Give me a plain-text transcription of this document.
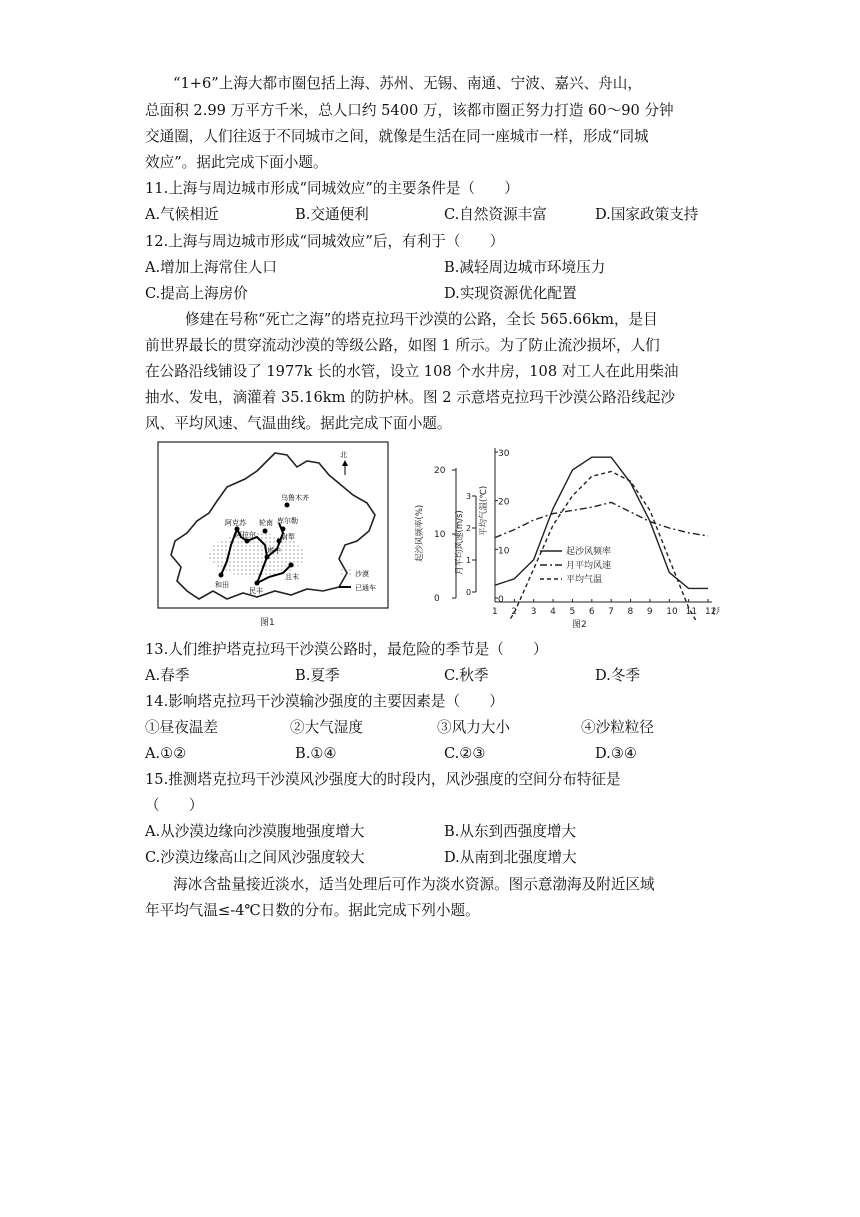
“1+6”上海大都市圈包括上海、苏州、无锡、南通、宁波、嘉兴、舟山，
总面积 2.99 万平方千米，总人口约 5400 万，该都市圈正努力打造 60～90 分钟
交通圈，人们往返于不同城市之间，就像是生活在同一座城市一样，形成“同城
效应”。据此完成下面小题。
11.上海与周边城市形成“同城效应”的主要条件是（　　）
A.气候相近	B.交通便利	C.自然资源丰富	D.国家政策支持
12.上海与周边城市形成“同城效应”后，有利于（　　）
A.增加上海常住人口	B.减轻周边城市环境压力
C.提高上海房价	D.实现资源优化配置
修建在号称“死亡之海”的塔克拉玛干沙漠的公路，全长 565.66km，是目
前世界最长的贯穿流动沙漠的等级公路，如图 1 所示。为了防止流沙损坏，人们
在公路沿线铺设了 1977k 长的水管，设立 108 个水井房，108 对工人在此用柴油
抽水、发电，滴灌着 35.16km 的防护林。图 2 示意塔克拉玛干沙漠公路沿线起沙
风、平均风速、气温曲线。据此完成下面小题。
乌鲁木齐
阿克苏
阿拉尔
轮南 库尔勒
尉犁
塔中
和田
民丰
且末
北
沙漠
已通车
图1
1 2 3 4 5 6 7 8 9 10 11 12
(
0
10
20
起沙风频率(%)
0
1
2
3
月平均风速(m/s)
0
10
20
30
平均气温(℃)
起沙风频率
月平均风速
平均气温
图2
13.人们维护塔克拉玛干沙漠公路时，最危险的季节是（　　）
A.春季	B.夏季	C.秋季	D.冬季
14.影响塔克拉玛干沙漠输沙强度的主要因素是（　　）
①昼夜温差	②大气湿度	③风力大小	④沙粒粒径
A.①②	B.①④	C.②③	D.③④
15.推测塔克拉玛干沙漠风沙强度大的时段内，风沙强度的空间分布特征是
（　　）
A.从沙漠边缘向沙漠腹地强度增大	B.从东到西强度增大
C.沙漠边缘高山之间风沙强度较大	D.从南到北强度增大
海冰含盐量接近淡水，适当处理后可作为淡水资源。图示意渤海及附近区域
年平均气温≤-4℃日数的分布。据此完成下列小题。
